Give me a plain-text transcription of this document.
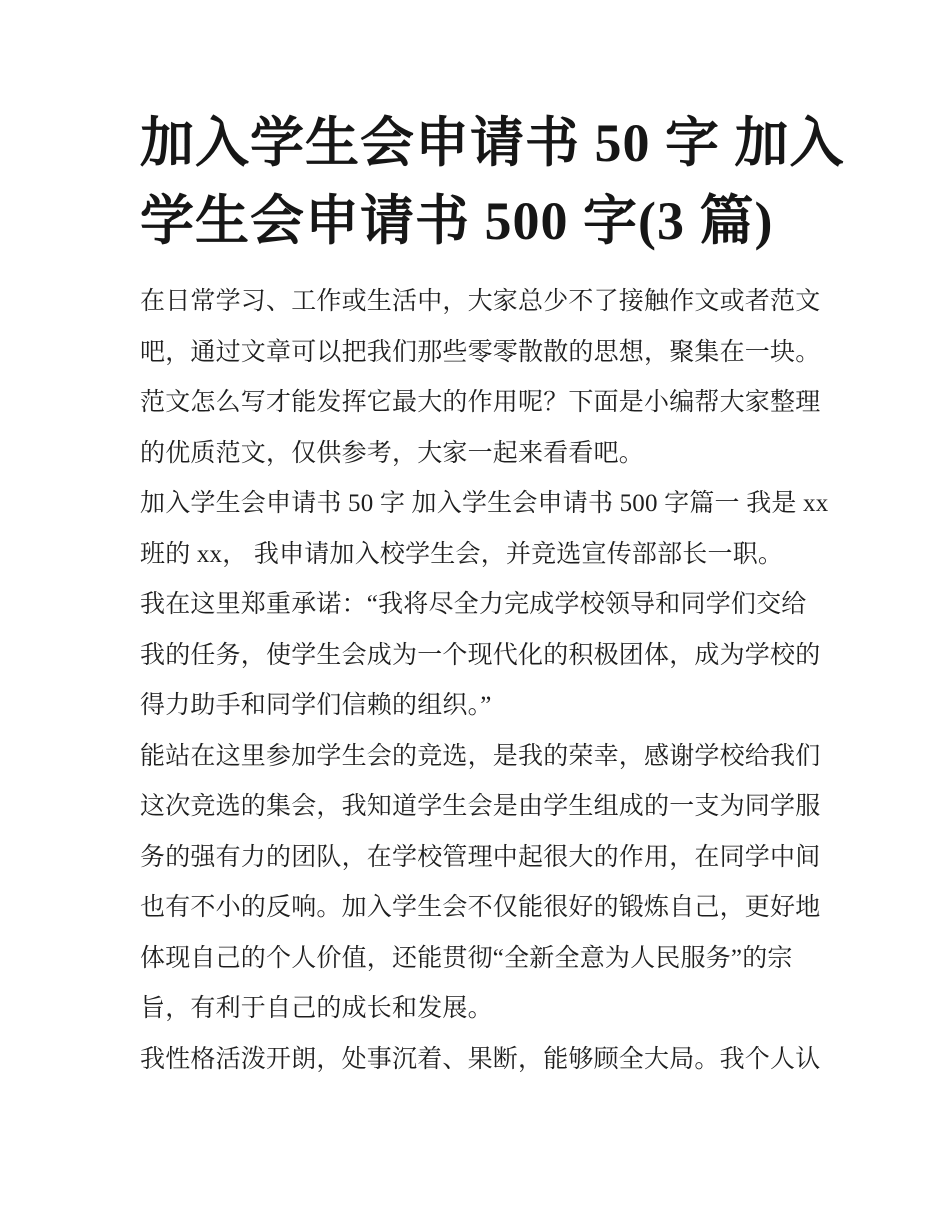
加入学生会申请书 50 字 加入
学生会申请书 500 字(3 篇)
在日常学习、工作或生活中，大家总少不了接触作文或者范文
吧，通过文章可以把我们那些零零散散的思想，聚集在一块。
范文怎么写才能发挥它最大的作用呢？下面是小编帮大家整理
的优质范文，仅供参考，大家一起来看看吧。
加入学生会申请书 50 字 加入学生会申请书 500 字篇一 我是 xx
班的 xx， 我申请加入校学生会，并竞选宣传部部长一职。
我在这里郑重承诺：“我将尽全力完成学校领导和同学们交给
我的任务，使学生会成为一个现代化的积极团体，成为学校的
得力助手和同学们信赖的组织。”
能站在这里参加学生会的竞选，是我的荣幸，感谢学校给我们
这次竞选的集会，我知道学生会是由学生组成的一支为同学服
务的强有力的团队，在学校管理中起很大的作用，在同学中间
也有不小的反响。加入学生会不仅能很好的锻炼自己，更好地
体现自己的个人价值，还能贯彻“全新全意为人民服务”的宗
旨，有利于自己的成长和发展。
我性格活泼开朗，处事沉着、果断，能够顾全大局。我个人认
